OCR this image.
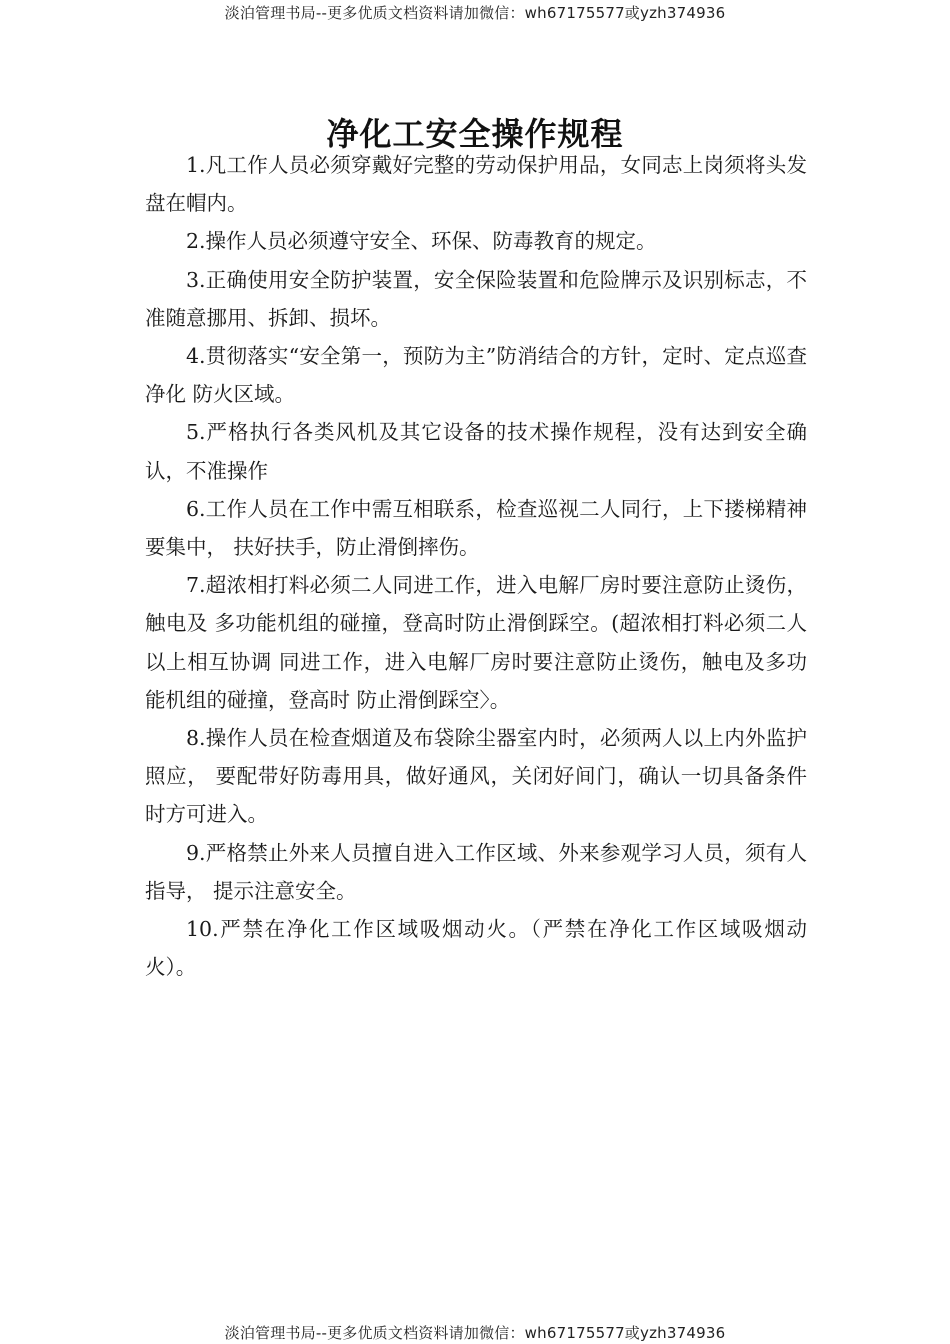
淡泊管理书局--更多优质文档资料请加微信：wh67175577或yzh374936
净化工安全操作规程

1.凡工作人员必须穿戴好完整的劳动保护用品，女同志上岗须将头发盘在帽内。

2.操作人员必须遵守安全、环保、防毒教育的规定。

3.正确使用安全防护装置，安全保险装置和危险牌示及识别标志，不准随意挪用、拆卸、损坏。

4.贯彻落实“安全第一，预防为主”防消结合的方针，定时、定点巡查净化 防火区域。

5.严格执行各类风机及其它设备的技术操作规程，没有达到安全确认，不准操作

6.工作人员在工作中需互相联系，检查巡视二人同行，上下搂梯精神要集中， 扶好扶手，防止滑倒摔伤。

7.超浓相打料必须二人同进工作，进入电解厂房时要注意防止烫伤，触电及 多功能机组的碰撞，登高时防止滑倒踩空。(超浓相打料必须二人以上相互协调 同进工作，进入电解厂房时要注意防止烫伤，触电及多功能机组的碰撞，登高时 防止滑倒踩空〉。

8.操作人员在检查烟道及布袋除尘器室内时，必须两人以上内外监护照应， 要配带好防毒用具，做好通风，关闭好间门，确认一切具备条件时方可进入。

9.严格禁止外来人员擅自进入工作区域、外来参观学习人员，须有人指导， 提示注意安全。

10.严禁在净化工作区域吸烟动火。（严禁在净化工作区域吸烟动火）。

淡泊管理书局--更多优质文档资料请加微信：wh67175577或yzh374936
